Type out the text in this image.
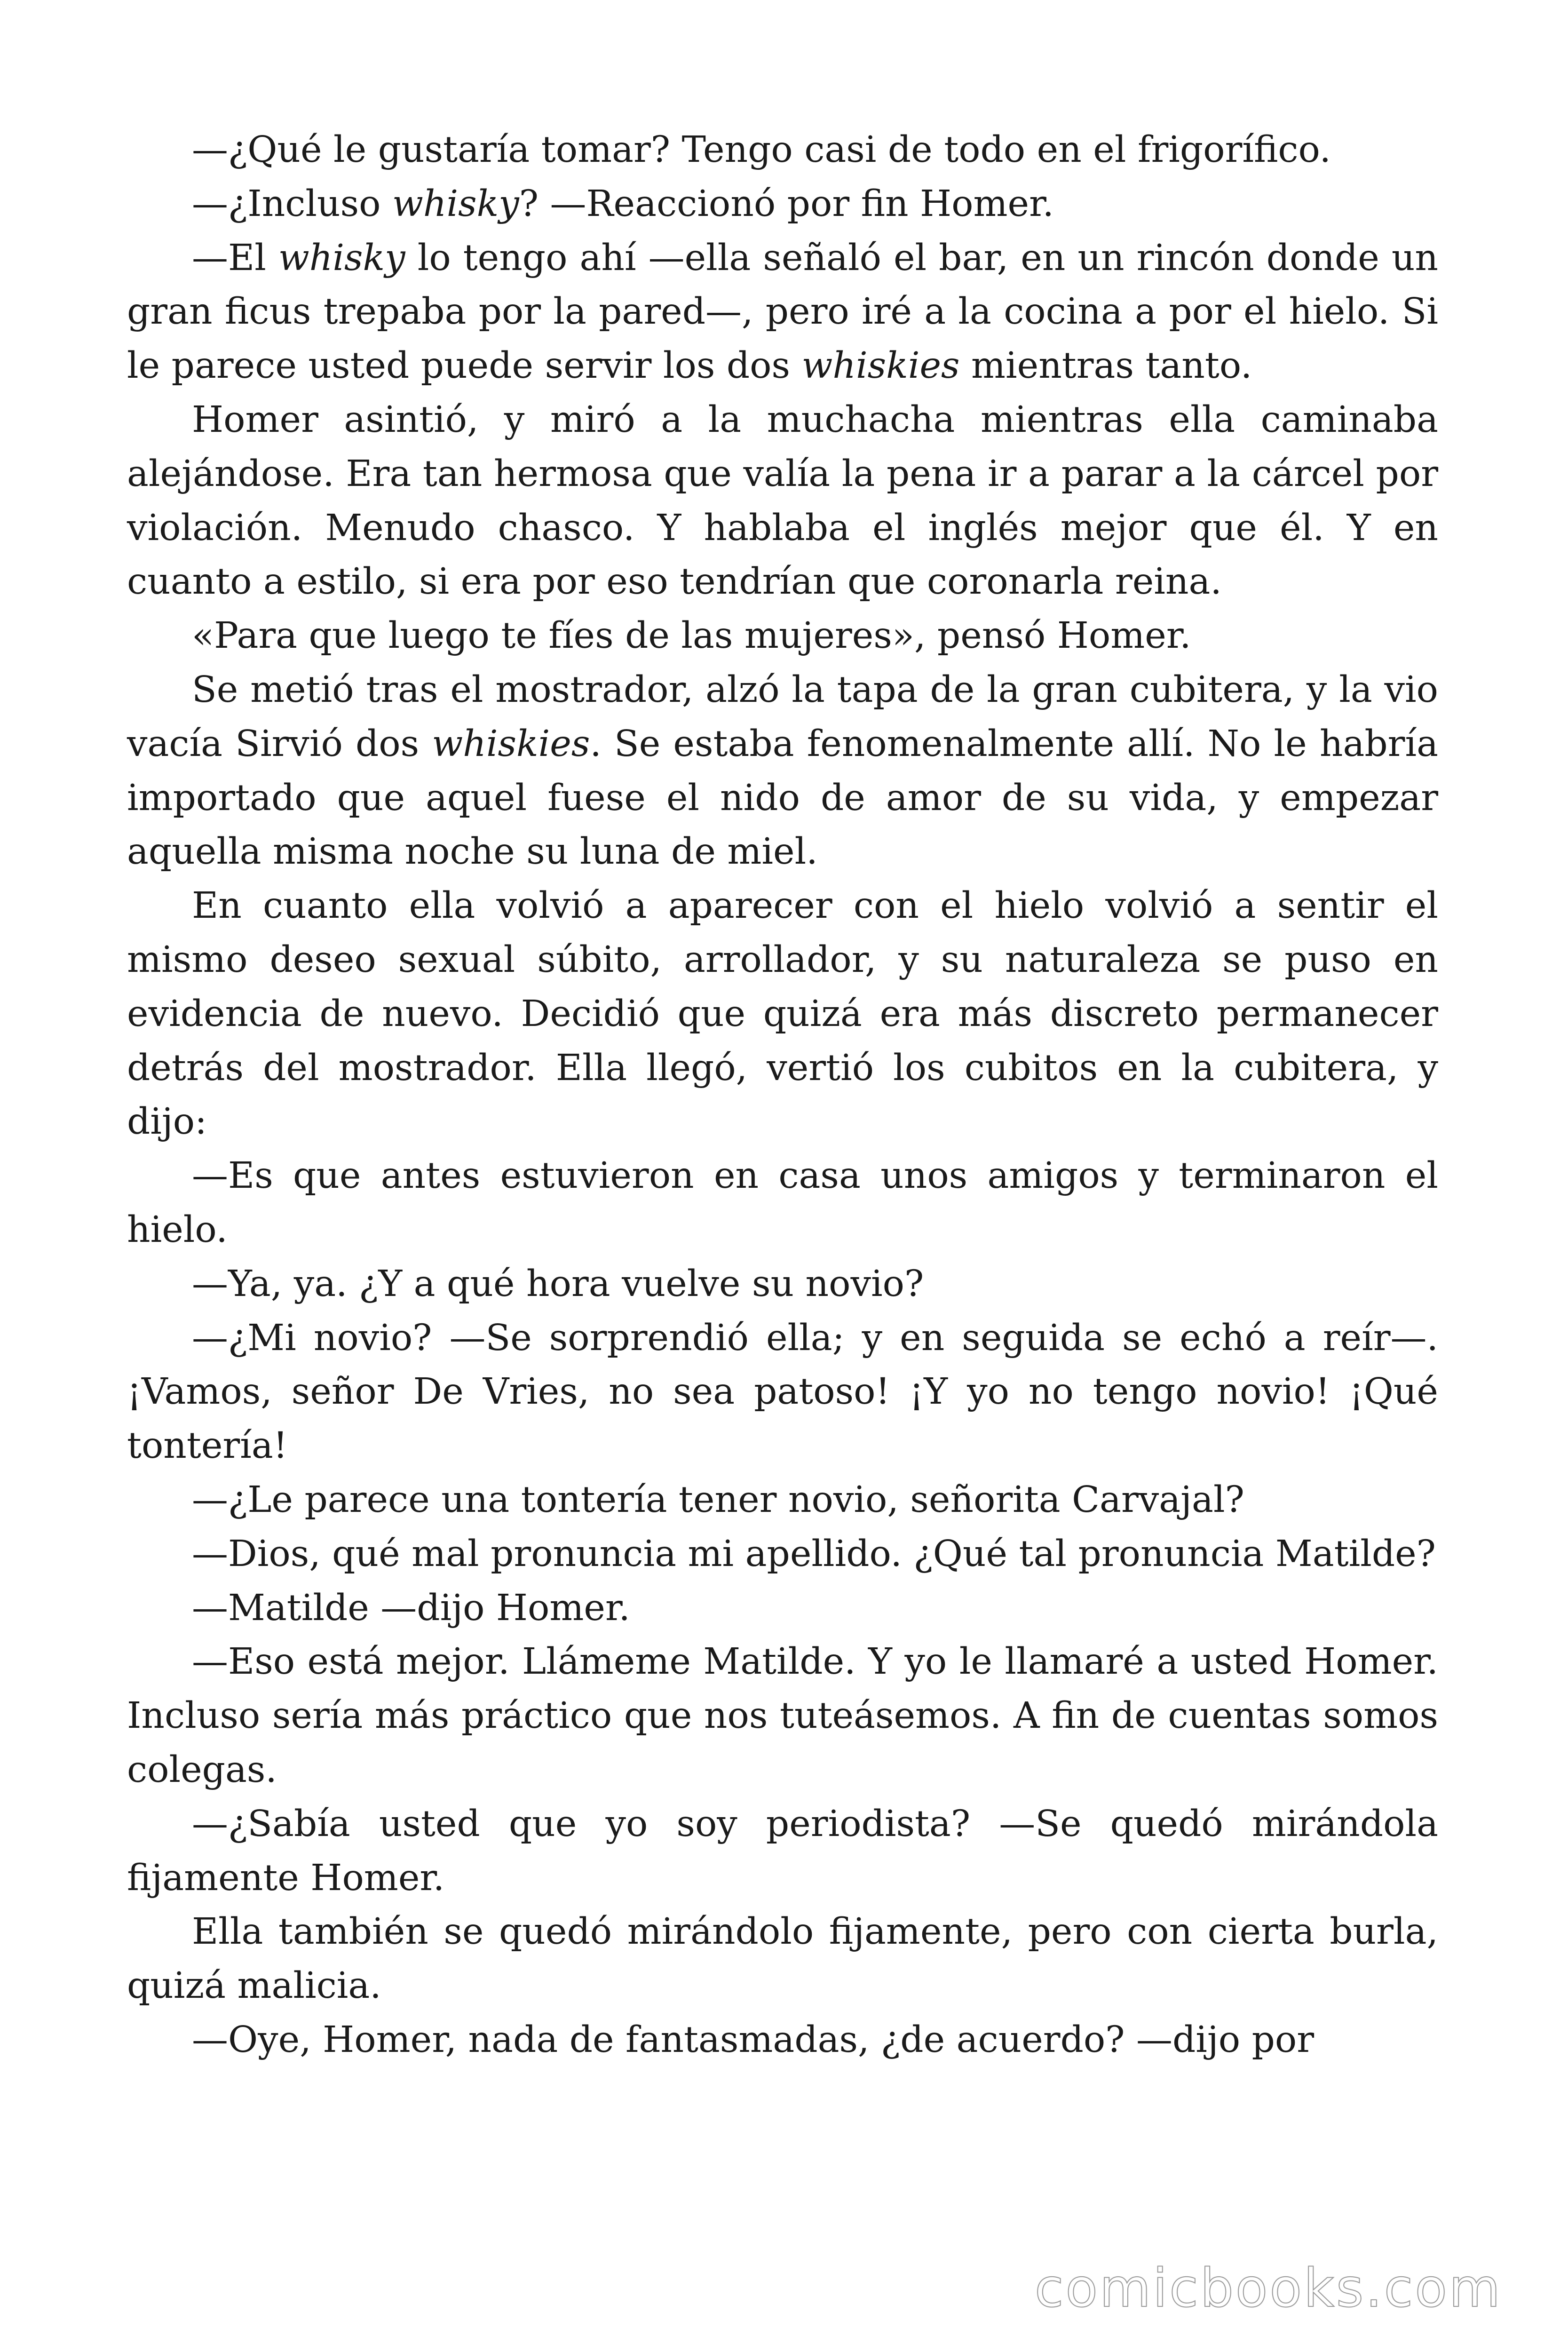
—¿Qué le gustaría tomar? Tengo casi de todo en el frigorífico.

—¿Incluso whisky? —Reaccionó por fin Homer.

—El whisky lo tengo ahí —ella señaló el bar, en un rincón donde un gran ficus trepaba por la pared—, pero iré a la cocina a por el hielo. Si le parece usted puede servir los dos whiskies mientras tanto.

Homer asintió, y miró a la muchacha mientras ella caminaba alejándose. Era tan hermosa que valía la pena ir a parar a la cárcel por violación. Menudo chasco. Y hablaba el inglés mejor que él. Y en cuanto a estilo, si era por eso tendrían que coronarla reina.

«Para que luego te fíes de las mujeres», pensó Homer.

Se metió tras el mostrador, alzó la tapa de la gran cubitera, y la vio vacía Sirvió dos whiskies. Se estaba fenomenalmente allí. No le habría importado que aquel fuese el nido de amor de su vida, y empezar aquella misma noche su luna de miel.

En cuanto ella volvió a aparecer con el hielo volvió a sentir el mismo deseo sexual súbito, arrollador, y su naturaleza se puso en evidencia de nuevo. Decidió que quizá era más discreto permanecer detrás del mostrador. Ella llegó, vertió los cubitos en la cubitera, y dijo:

—Es que antes estuvieron en casa unos amigos y terminaron el hielo.

—Ya, ya. ¿Y a qué hora vuelve su novio?

—¿Mi novio? —Se sorprendió ella; y en seguida se echó a reír—. ¡Vamos, señor De Vries, no sea patoso! ¡Y yo no tengo novio! ¡Qué tontería!

—¿Le parece una tontería tener novio, señorita Carvajal?

—Dios, qué mal pronuncia mi apellido. ¿Qué tal pronuncia Matilde?

—Matilde —dijo Homer.

—Eso está mejor. Llámeme Matilde. Y yo le llamaré a usted Homer. Incluso sería más práctico que nos tuteásemos. A fin de cuentas somos colegas.

—¿Sabía usted que yo soy periodista? —Se quedó mirándola fijamente Homer.

Ella también se quedó mirándolo fijamente, pero con cierta burla, quizá malicia.

—Oye, Homer, nada de fantasmadas, ¿de acuerdo? —dijo por

comicbooks.com
